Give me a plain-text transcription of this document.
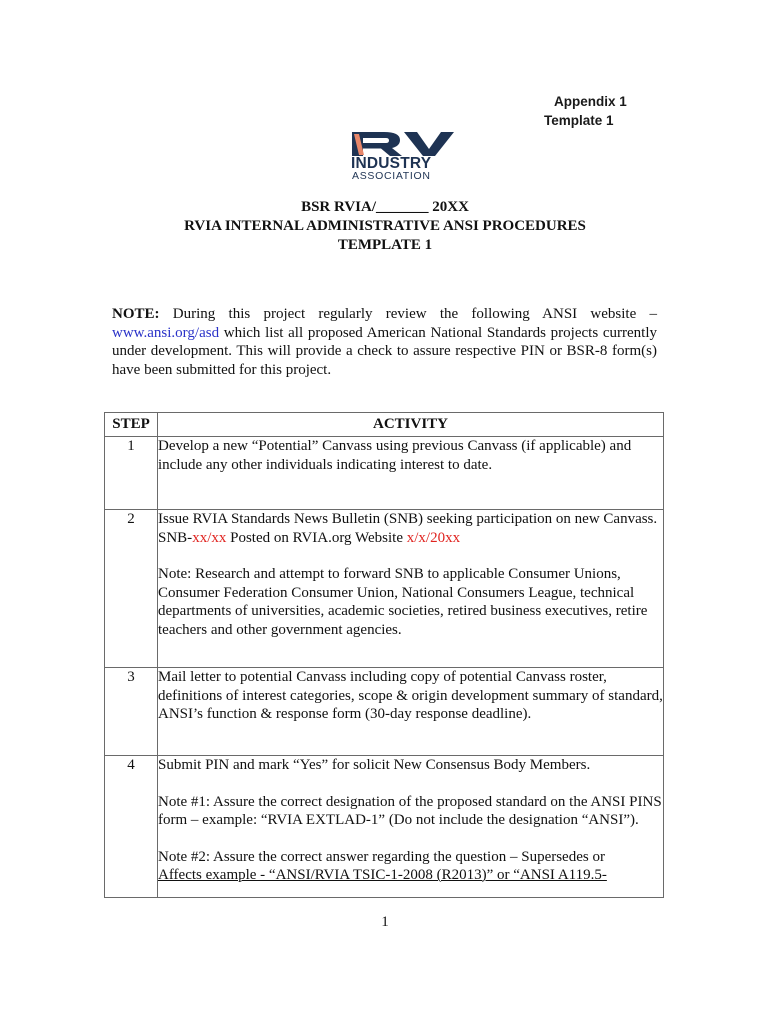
Appendix 1
Template 1
INDUSTRY
ASSOCIATION
BSR RVIA/_______ 20XX
RVIA INTERNAL ADMINISTRATIVE ANSI PROCEDURES
TEMPLATE 1
NOTE: During this project regularly review the following ANSI website –
www.ansi.org/asd which list all proposed American National Standards projects currently under development. This will provide a check to assure respective PIN or BSR-8 form(s) have been submitted for this project.
STEP	ACTIVITY
1	Develop a new “Potential” Canvass using previous Canvass (if applicable) and include any other individuals indicating interest to date.

2	Issue RVIA Standards News Bulletin (SNB) seeking participation on new Canvass.

SNB-xx/xx Posted on RVIA.org Website x/x/20xx

Note: Research and attempt to forward SNB to applicable Consumer Unions, Consumer Federation Consumer Union, National Consumers League, technical departments of universities, academic societies, retired business executives, retire teachers and other government agencies.

3	Mail letter to potential Canvass including copy of potential Canvass roster, definitions of interest categories, scope & origin development summary of standard, ANSI’s function & response form (30-day response deadline).

4	Submit PIN and mark “Yes” for solicit New Consensus Body Members.

Note #1: Assure the correct designation of the proposed standard on the ANSI PINS form – example: “RVIA EXTLAD-1” (Do not include the designation “ANSI”).

Note #2: Assure the correct answer regarding the question – Supersedes or

Affects example - “ANSI/RVIA TSIC-1-2008 (R2013)” or “ANSI A119.5-

1
